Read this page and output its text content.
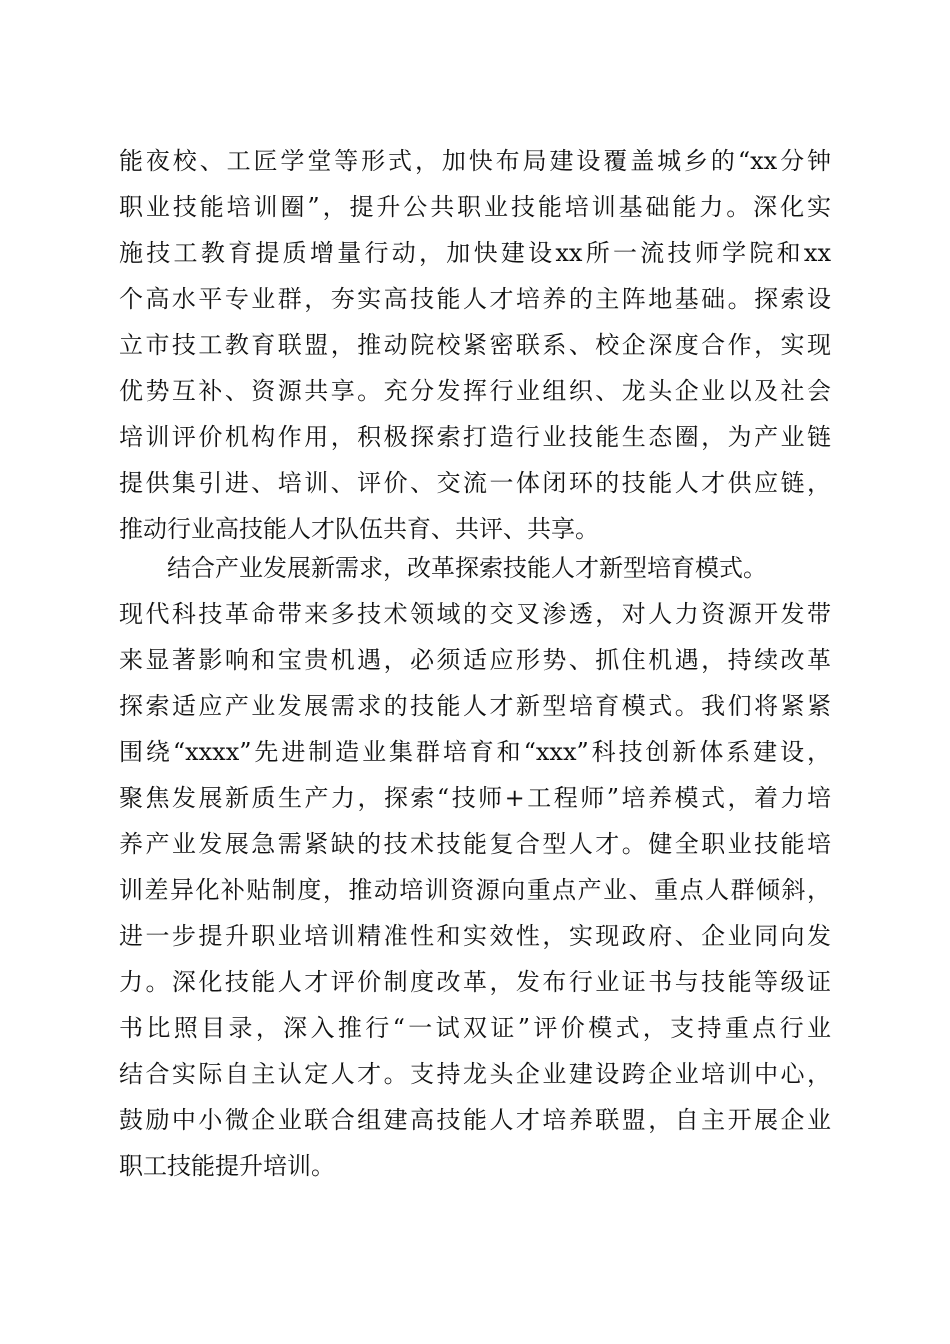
能夜校、工匠学堂等形式，加快布局建设覆盖城乡的“xx分钟
职业技能培训圈”，提升公共职业技能培训基础能力。深化实
施技工教育提质增量行动，加快建设xx所一流技师学院和xx
个高水平专业群，夯实高技能人才培养的主阵地基础。探索设
立市技工教育联盟，推动院校紧密联系、校企深度合作，实现
优势互补、资源共享。充分发挥行业组织、龙头企业以及社会
培训评价机构作用，积极探索打造行业技能生态圈，为产业链
提供集引进、培训、评价、交流一体闭环的技能人才供应链，
推动行业高技能人才队伍共育、共评、共享。
结合产业发展新需求，改革探索技能人才新型培育模式。
现代科技革命带来多技术领域的交叉渗透，对人力资源开发带
来显著影响和宝贵机遇，必须适应形势、抓住机遇，持续改革
探索适应产业发展需求的技能人才新型培育模式。我们将紧紧
围绕“xxxx”先进制造业集群培育和“xxx”科技创新体系建设，
聚焦发展新质生产力，探索“技师+工程师”培养模式，着力培
养产业发展急需紧缺的技术技能复合型人才。健全职业技能培
训差异化补贴制度，推动培训资源向重点产业、重点人群倾斜，
进一步提升职业培训精准性和实效性，实现政府、企业同向发
力。深化技能人才评价制度改革，发布行业证书与技能等级证
书比照目录，深入推行“一试双证”评价模式，支持重点行业
结合实际自主认定人才。支持龙头企业建设跨企业培训中心，
鼓励中小微企业联合组建高技能人才培养联盟，自主开展企业
职工技能提升培训。
